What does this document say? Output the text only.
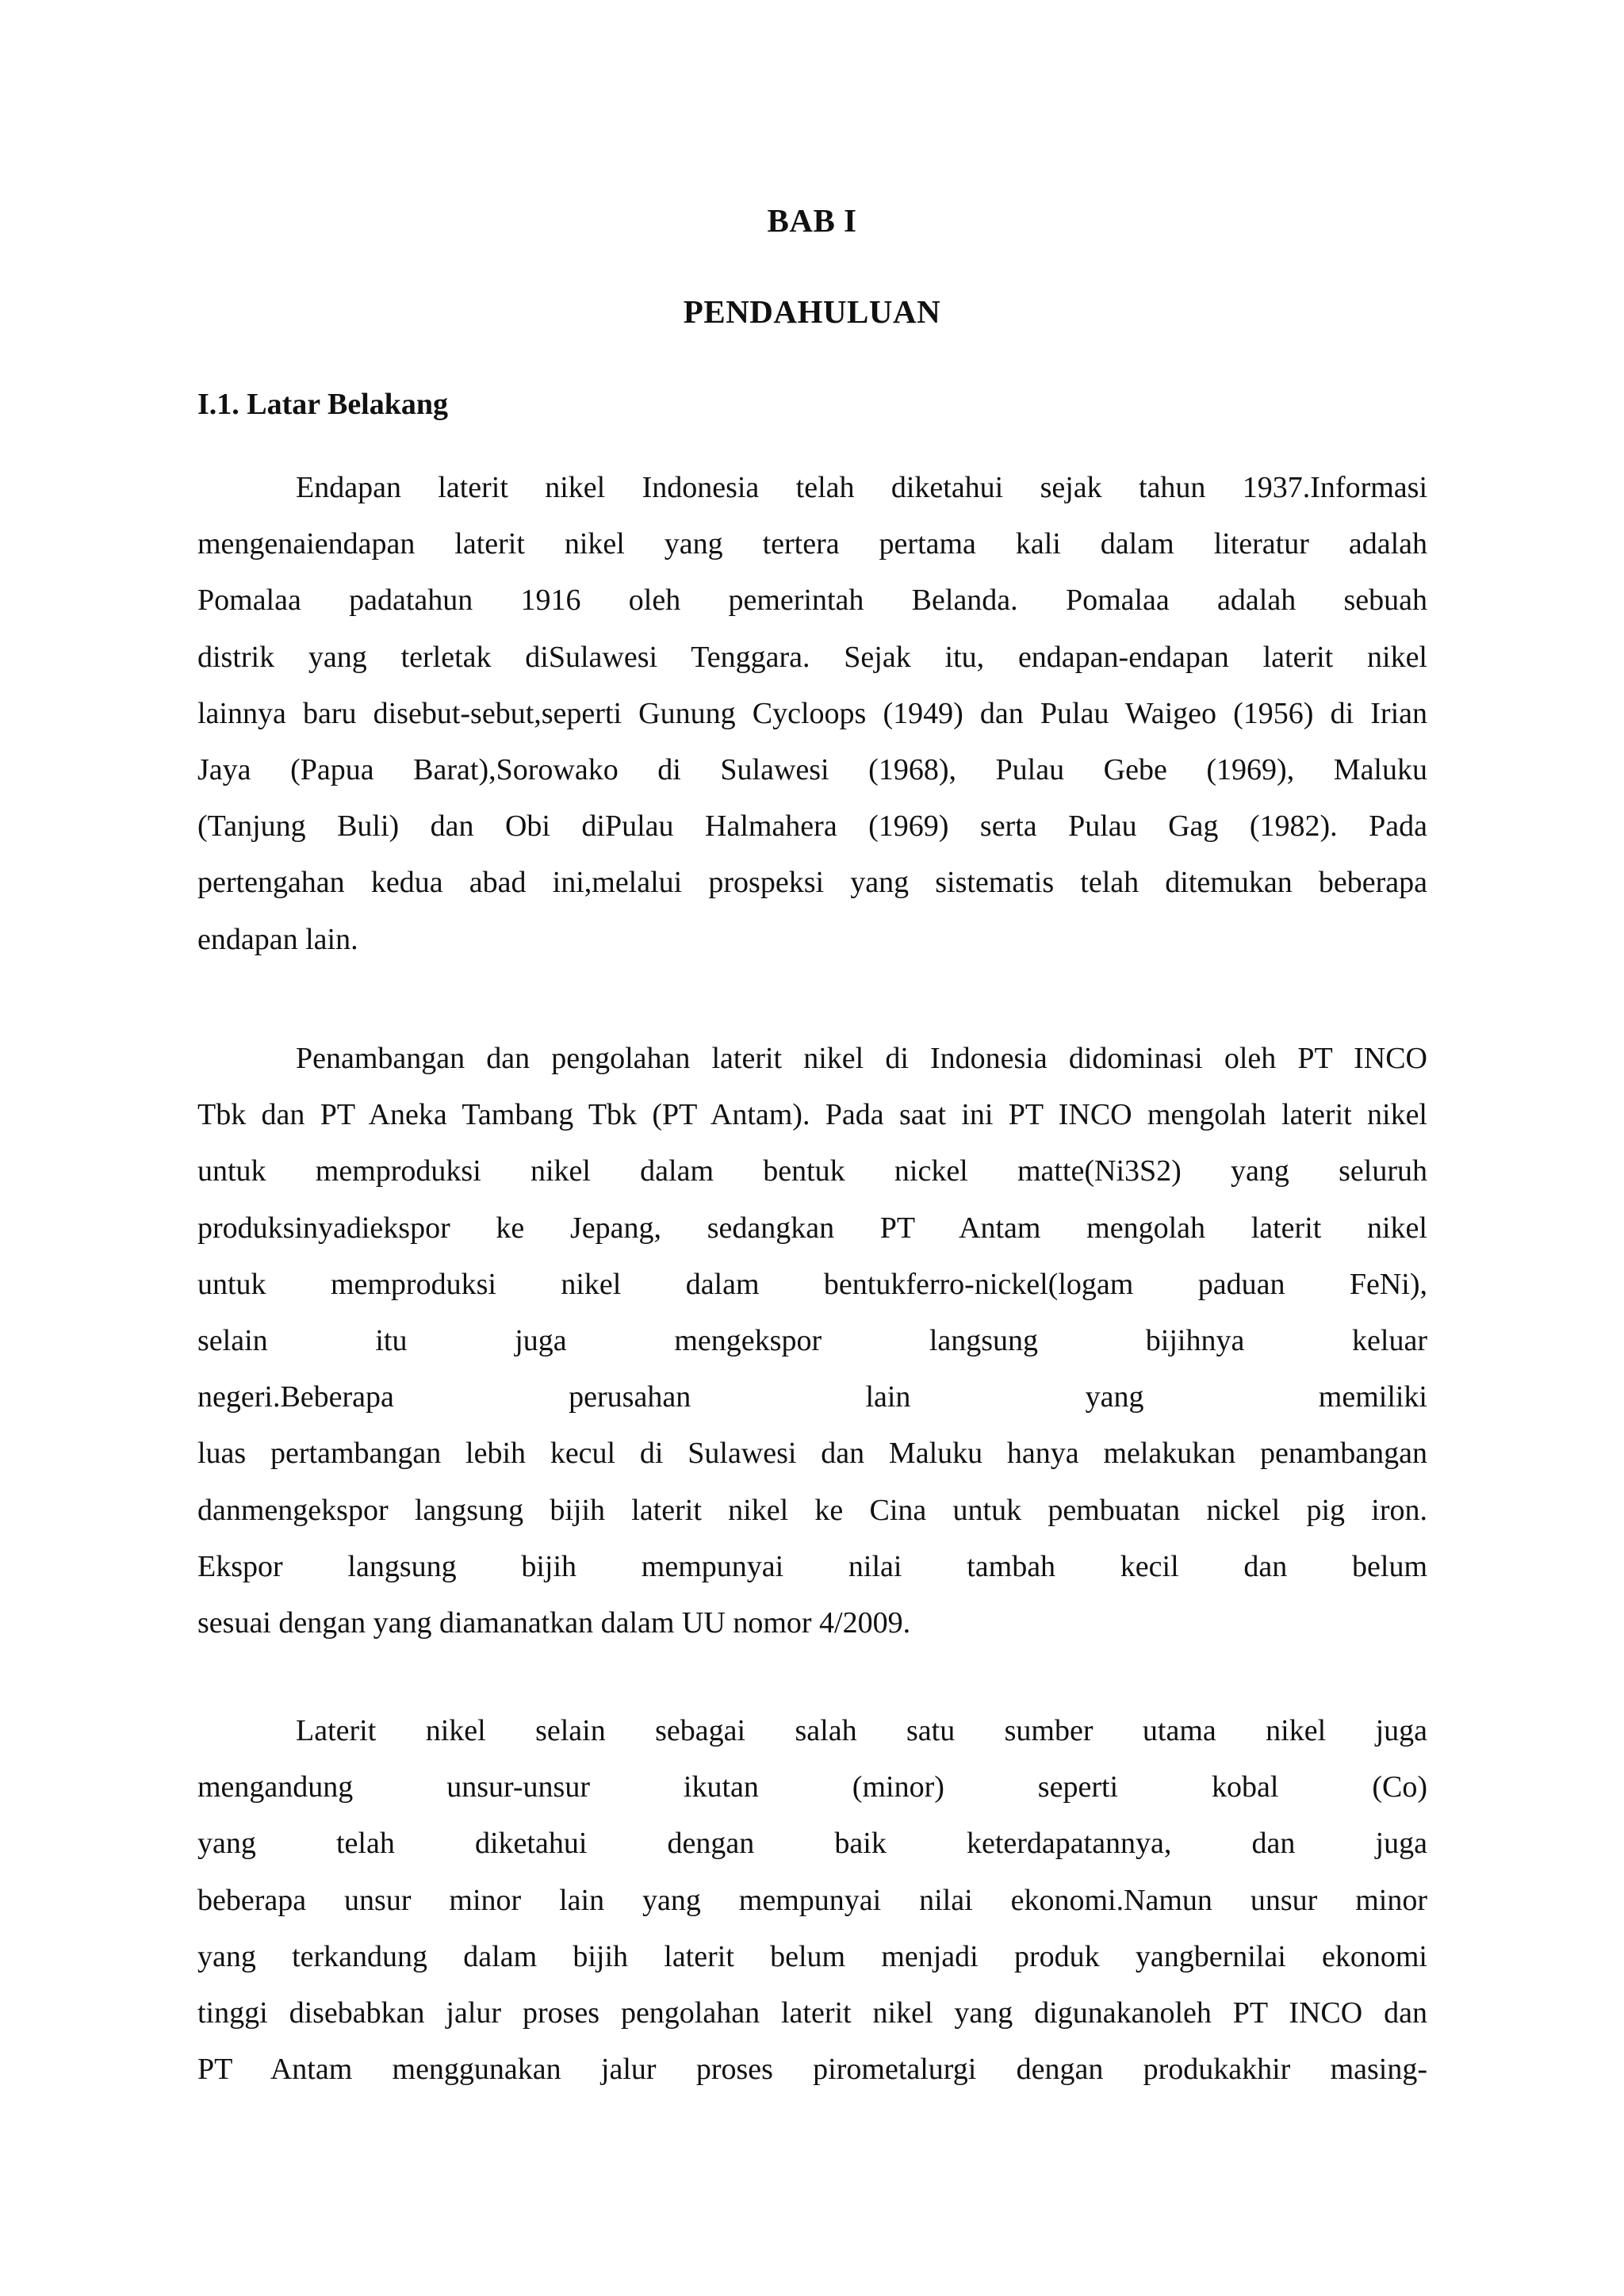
BAB I
PENDAHULUAN
I.1. Latar Belakang
Endapan laterit nikel Indonesia telah diketahui sejak tahun 1937.Informasi
mengenaiendapan laterit nikel yang tertera pertama kali dalam literatur adalah
Pomalaa padatahun 1916 oleh pemerintah Belanda. Pomalaa adalah sebuah
distrik yang terletak diSulawesi Tenggara. Sejak itu, endapan-endapan laterit nikel
lainnya baru disebut-sebut,seperti Gunung Cycloops (1949) dan Pulau Waigeo (1956) di Irian
Jaya (Papua Barat),Sorowako di Sulawesi (1968), Pulau Gebe (1969), Maluku
(Tanjung Buli) dan Obi diPulau Halmahera (1969) serta Pulau Gag (1982). Pada
pertengahan kedua abad ini,melalui prospeksi yang sistematis telah ditemukan beberapa
endapan lain.
Penambangan dan pengolahan laterit nikel di Indonesia didominasi oleh PT INCO
Tbk dan PT Aneka Tambang Tbk (PT Antam). Pada saat ini PT INCO mengolah laterit nikel
untuk memproduksi nikel dalam bentuk nickel matte(Ni3S2) yang seluruh
produksinyadiekspor ke Jepang, sedangkan PT Antam mengolah laterit nikel
untuk memproduksi nikel dalam bentukferro-nickel(logam paduan FeNi),
selain itu juga mengekspor langsung bijihnya keluar
negeri.Beberapa perusahan lain yang memiliki
luas pertambangan lebih kecul di Sulawesi dan Maluku hanya melakukan penambangan
danmengekspor langsung bijih laterit nikel ke Cina untuk pembuatan nickel pig iron.
Ekspor langsung bijih mempunyai nilai tambah kecil dan belum
sesuai dengan yang diamanatkan dalam UU nomor 4/2009.
Laterit nikel selain sebagai salah satu sumber utama nikel juga
mengandung unsur-unsur ikutan (minor) seperti kobal (Co)
yang telah diketahui dengan baik keterdapatannya, dan juga
beberapa unsur minor lain yang mempunyai nilai ekonomi.Namun unsur minor
yang terkandung dalam bijih laterit belum menjadi produk yangbernilai ekonomi
tinggi disebabkan jalur proses pengolahan laterit nikel yang digunakanoleh PT INCO dan
PT Antam menggunakan jalur proses pirometalurgi dengan produkakhir masing-
